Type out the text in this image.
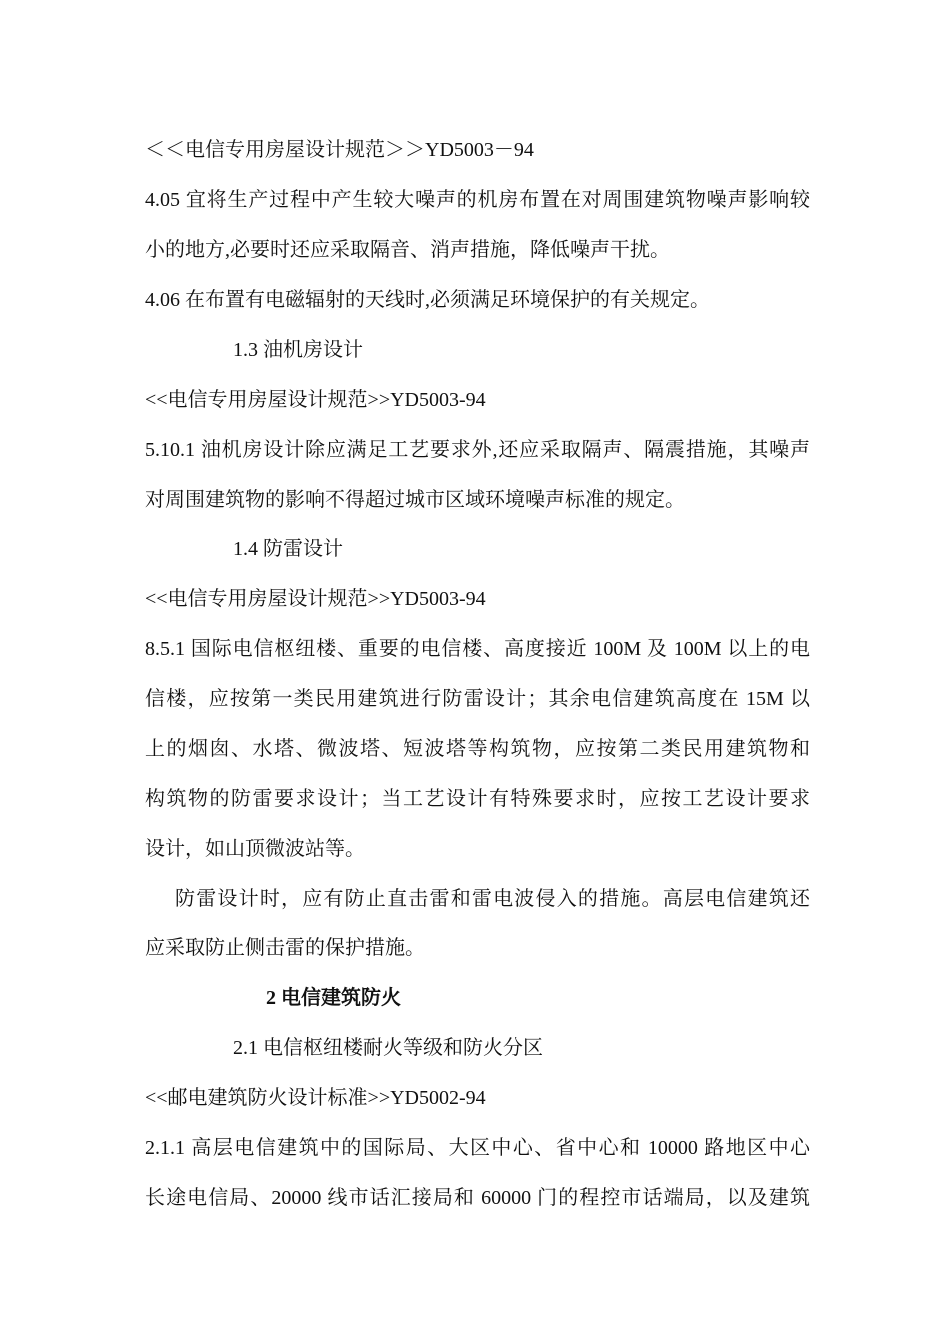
＜＜电信专用房屋设计规范＞＞YD5003－94
4.05 宜将生产过程中产生较大噪声的机房布置在对周围建筑物噪声影响较
小的地方,必要时还应采取隔音、消声措施，降低噪声干扰。
4.06 在布置有电磁辐射的天线时,必须满足环境保护的有关规定。
1.3 油机房设计
<<电信专用房屋设计规范>>YD5003-94
5.10.1 油机房设计除应满足工艺要求外,还应采取隔声、隔震措施，其噪声
对周围建筑物的影响不得超过城市区域环境噪声标准的规定。
1.4 防雷设计
<<电信专用房屋设计规范>>YD5003-94
8.5.1 国际电信枢纽楼、重要的电信楼、高度接近 100M 及 100M 以上的电
信楼，应按第一类民用建筑进行防雷设计；其余电信建筑高度在 15M 以
上的烟囱、水塔、微波塔、短波塔等构筑物，应按第二类民用建筑物和
构筑物的防雷要求设计；当工艺设计有特殊要求时，应按工艺设计要求
设计，如山顶微波站等。
防雷设计时，应有防止直击雷和雷电波侵入的措施。高层电信建筑还
应采取防止侧击雷的保护措施。
2 电信建筑防火
2.1 电信枢纽楼耐火等级和防火分区
<<邮电建筑防火设计标准>>YD5002-94
2.1.1 高层电信建筑中的国际局、大区中心、省中心和 10000 路地区中心
长途电信局、20000 线市话汇接局和 60000 门的程控市话端局，以及建筑
